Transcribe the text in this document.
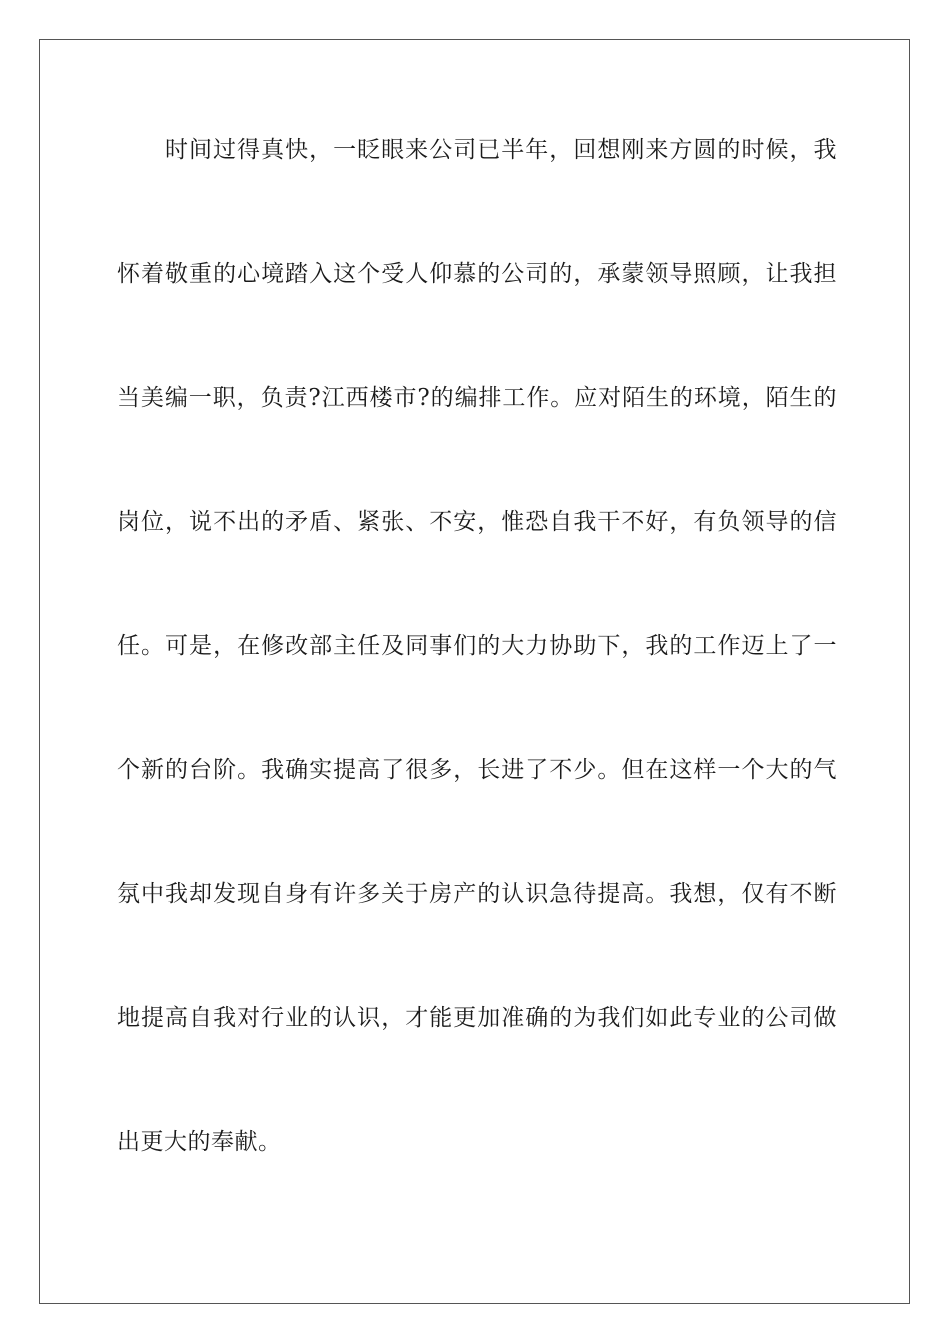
时间过得真快，一眨眼来公司已半年，回想刚来方圆的时候，我
怀着敬重的心境踏入这个受人仰慕的公司的，承蒙领导照顾，让我担
当美编一职，负责?江西楼市?的编排工作。应对陌生的环境，陌生的
岗位，说不出的矛盾、紧张、不安，惟恐自我干不好，有负领导的信
任。可是，在修改部主任及同事们的大力协助下，我的工作迈上了一
个新的台阶。我确实提高了很多，长进了不少。但在这样一个大的气
氛中我却发现自身有许多关于房产的认识急待提高。我想，仅有不断
地提高自我对行业的认识，才能更加准确的为我们如此专业的公司做
出更大的奉献。
